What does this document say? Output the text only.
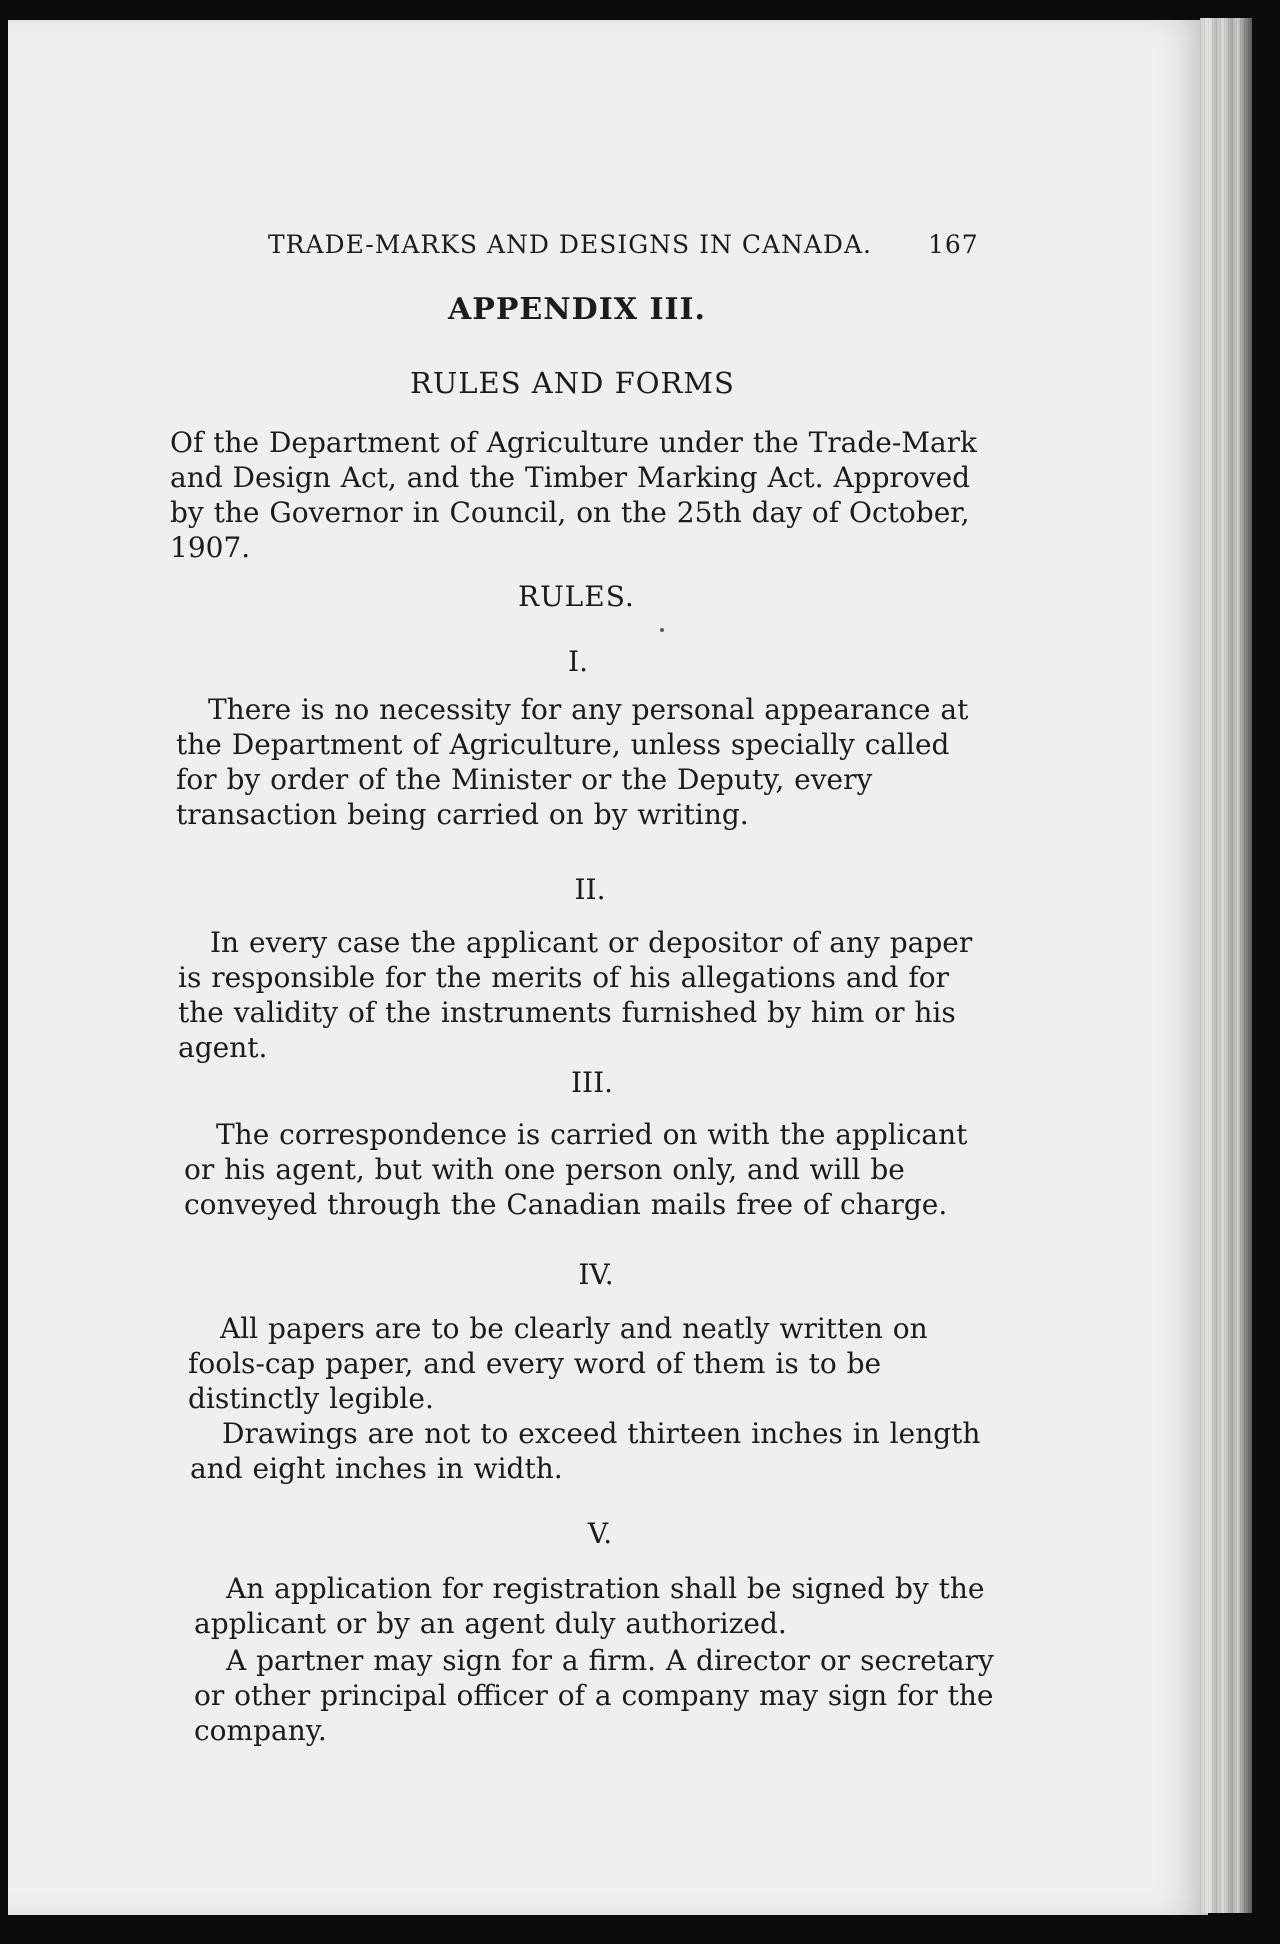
TRADE-MARKS AND DESIGNS IN CANADA. 167
APPENDIX III.
RULES AND FORMS
Of the Department of Agriculture under the Trade-Mark and Design Act, and the Timber Marking Act. Approved by the Governor in Council, on the 25th day of October, 1907.
RULES.
I.
There is no necessity for any personal appearance at the Department of Agriculture, unless specially called for by order of the Minister or the Deputy, every transaction being carried on by writing.
II.
In every case the applicant or depositor of any paper is responsible for the merits of his allegations and for the validity of the instruments furnished by him or his agent.
III.
The correspondence is carried on with the applicant or his agent, but with one person only, and will be conveyed through the Canadian mails free of charge.
IV.
All papers are to be clearly and neatly written on fools-cap paper, and every word of them is to be distinctly legible.
Drawings are not to exceed thirteen inches in length and eight inches in width.
V.
An application for registration shall be signed by the applicant or by an agent duly authorized.
A partner may sign for a firm. A director or secretary or other principal officer of a company may sign for the company.
